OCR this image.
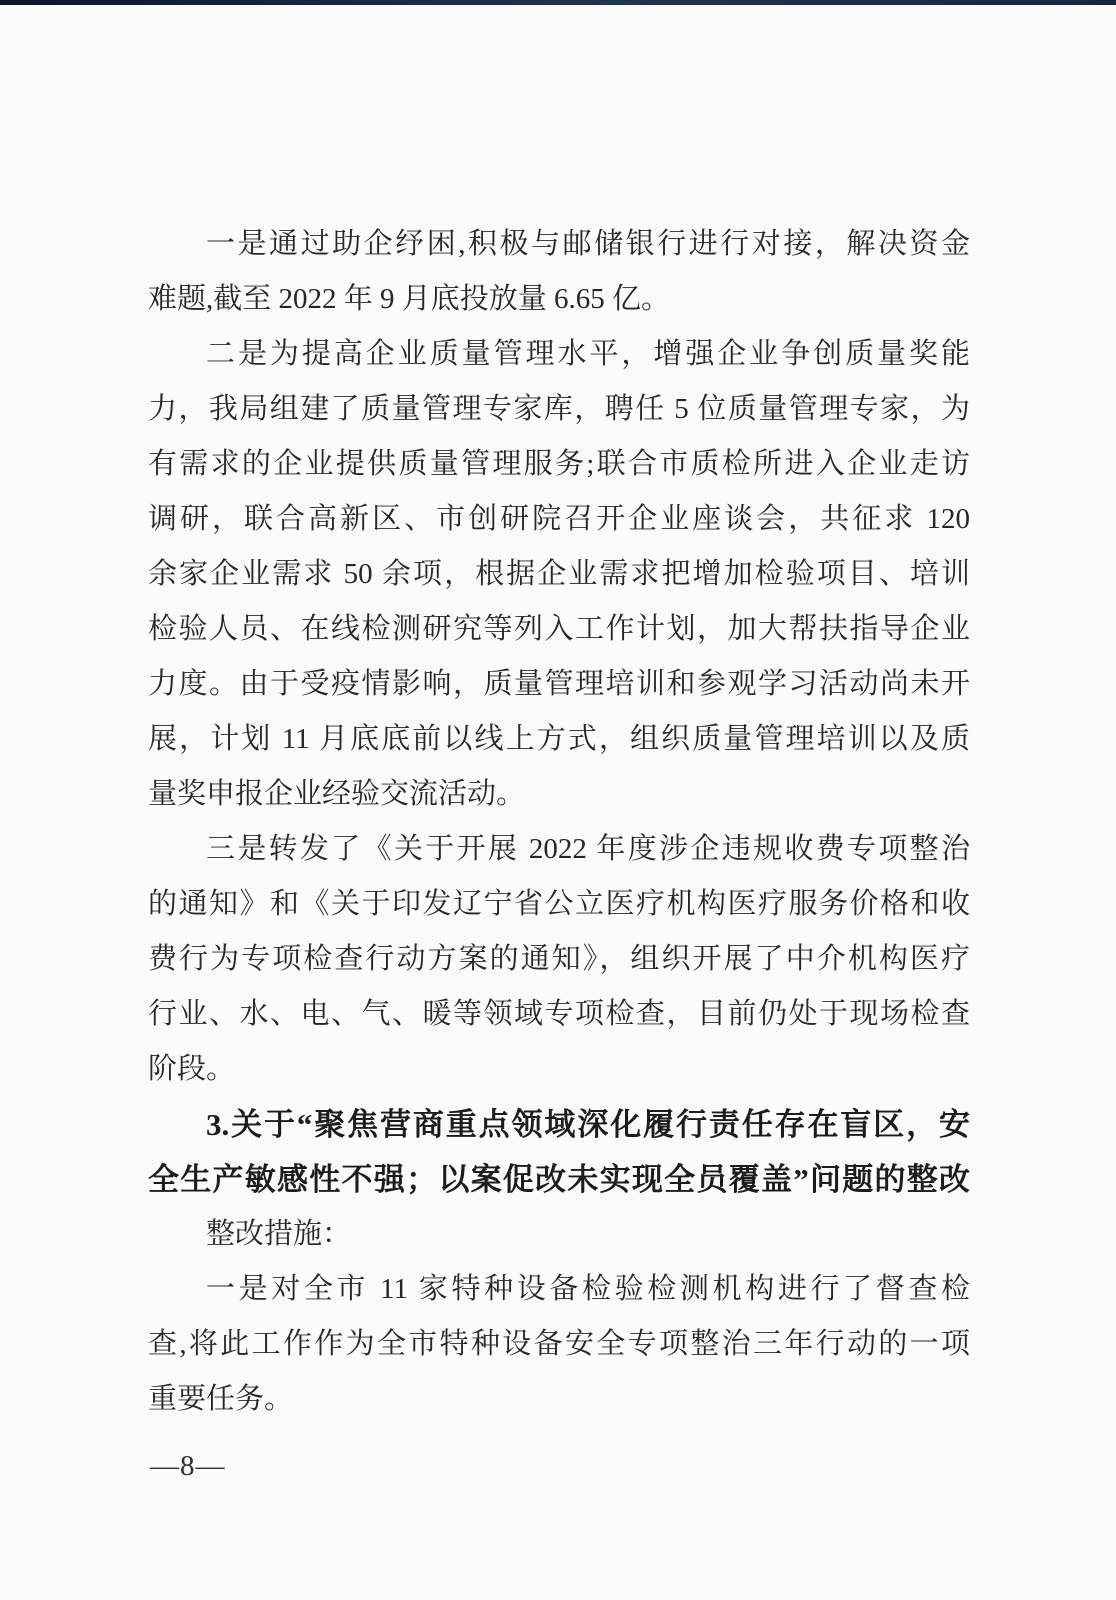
一是通过助企纾困,积极与邮储银行进行对接，解决资金
难题,截至 2022 年 9 月底投放量 6.65 亿。
二是为提高企业质量管理水平，增强企业争创质量奖能
力，我局组建了质量管理专家库，聘任 5 位质量管理专家，为
有需求的企业提供质量管理服务;联合市质检所进入企业走访
调研，联合高新区、市创研院召开企业座谈会，共征求 120
余家企业需求 50 余项，根据企业需求把增加检验项目、培训
检验人员、在线检测研究等列入工作计划，加大帮扶指导企业
力度。由于受疫情影响，质量管理培训和参观学习活动尚未开
展，计划 11 月底底前以线上方式，组织质量管理培训以及质
量奖申报企业经验交流活动。
三是转发了《关于开展 2022 年度涉企违规收费专项整治
的通知》和《关于印发辽宁省公立医疗机构医疗服务价格和收
费行为专项检查行动方案的通知》，组织开展了中介机构医疗
行业、水、电、气、暖等领域专项检查，目前仍处于现场检查
阶段。
3.关于“聚焦营商重点领域深化履行责任存在盲区，安
全生产敏感性不强；以案促改未实现全员覆盖”问题的整改
整改措施：
一是对全市 11 家特种设备检验检测机构进行了督查检
查,将此工作作为全市特种设备安全专项整治三年行动的一项
重要任务。
—8—
